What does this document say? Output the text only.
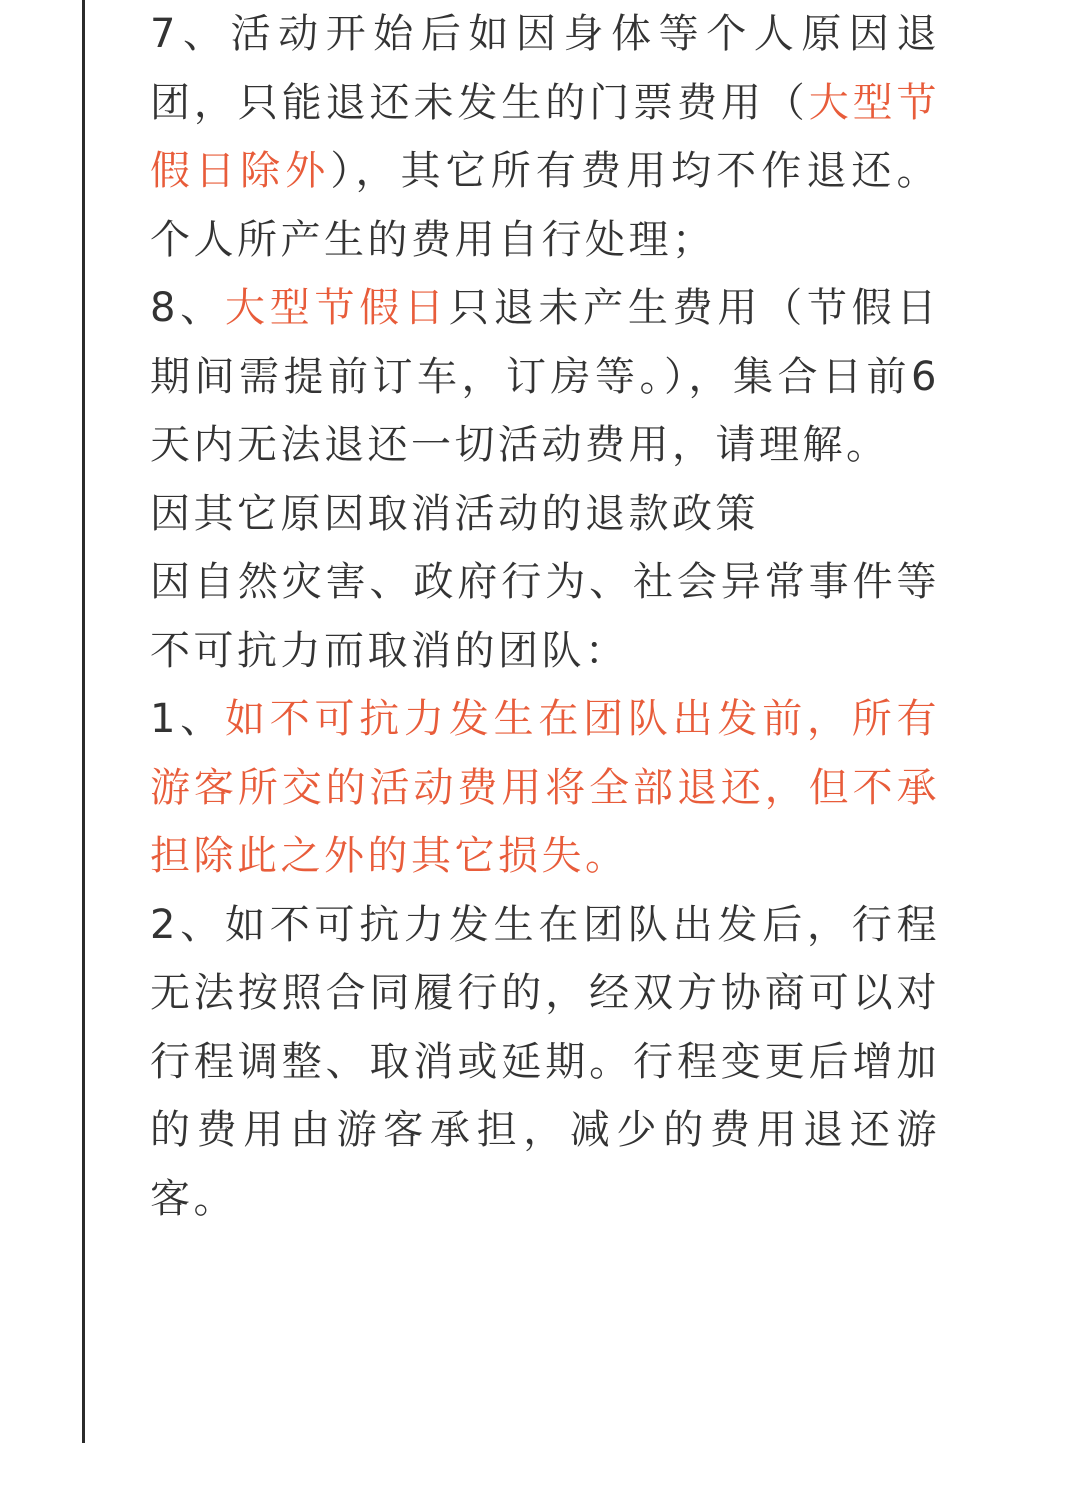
7、活动开始后如因身体等个人原因退团，只能退还未发生的门票费用（大型节假日除外），其它所有费用均不作退还。个人所产生的费用自行处理；

8、大型节假日只退未产生费用（节假日期间需提前订车，订房等。），集合日前6天内无法退还一切活动费用，请理解。

因其它原因取消活动的退款政策

因自然灾害、政府行为、社会异常事件等不可抗力而取消的团队：

1、如不可抗力发生在团队出发前，所有游客所交的活动费用将全部退还，但不承担除此之外的其它损失。

2、如不可抗力发生在团队出发后，行程无法按照合同履行的，经双方协商可以对行程调整、取消或延期。行程变更后增加的费用由游客承担，减少的费用退还游客。
